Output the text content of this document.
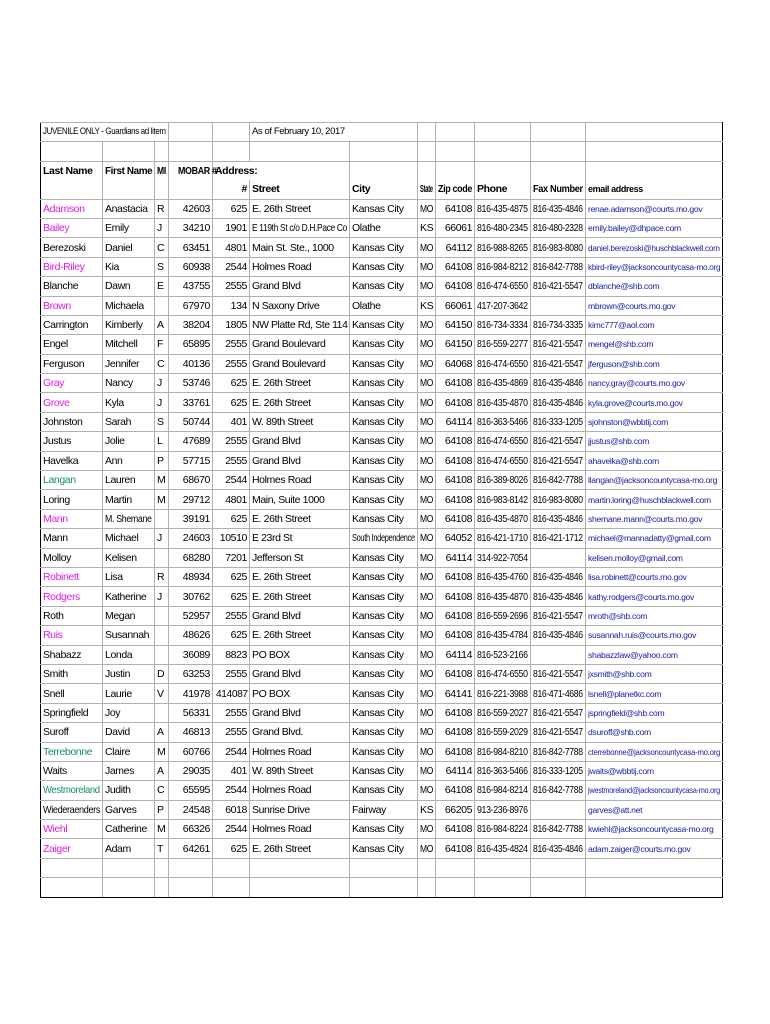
JUVENILE ONLY - Guardians ad litem					As of February 10, 2017						

Last Name	First Name	MI	MOBAR #	Address:							
				#	Street	City	State	Zip code	Phone	Fax Number	email address
Adamson	Anastacia	R	42603	625	E. 26th Street	Kansas City	MO	64108	816-435-4875	816-435-4846	renae.adamson@courts.mo.gov
Bailey	Emily	J	34210	1901	E 119th St c/o D.H.Pace Co	Olathe	KS	66061	816-480-2345	816-480-2328	emily.bailey@dhpace.com
Berezoski	Daniel	C	63451	4801	Main St. Ste., 1000	Kansas City	MO	64112	816-988-8265	816-983-8080	daniel.berezoski@huschblackwell.com
Bird-Riley	Kia	S	60938	2544	Holmes Road	Kansas City	MO	64108	816-984-8212	816-842-7788	kbird-riley@jacksoncountycasa-mo.org
Blanche	Dawn	E	43755	2555	Grand Blvd	Kansas City	MO	64108	816-474-6550	816-421-5547	dblanche@shb.com
Brown	Michaela		67970	134	N Saxony Drive	Olathe	KS	66061	417-207-3642		mbrown@courts.mo.gov
Carrington	Kimberly	A	38204	1805	NW Platte Rd, Ste 114	Kansas City	MO	64150	816-734-3334	816-734-3335	kimc777@aol.com
Engel	Mitchell	F	65895	2555	Grand Boulevard	Kansas City	MO	64150	816-559-2277	816-421-5547	mengel@shb.com
Ferguson	Jennifer	C	40136	2555	Grand Boulevard	Kansas City	MO	64068	816-474-6550	816-421-5547	jferguson@shb.com
Gray	Nancy	J	53746	625	E. 26th Street	Kansas City	MO	64108	816-435-4869	816-435-4846	nancy.gray@courts.mo.gov
Grove	Kyla	J	33761	625	E. 26th Street	Kansas City	MO	64108	816-435-4870	816-435-4846	kyla.grove@courts.mo.gov
Johnston	Sarah	S	50744	401	W. 89th Street	Kansas City	MO	64114	816-363-5466	816-333-1205	sjohnston@wbbtij.com
Justus	Jolie	L	47689	2555	Grand Blvd	Kansas City	MO	64108	816-474-6550	816-421-5547	jjustus@shb.com
Havelka	Ann	P	57715	2555	Grand Blvd	Kansas City	MO	64108	816-474-6550	816-421-5547	ahavelka@shb.com
Langan	Lauren	M	68670	2544	Holmes Road	Kansas City	MO	64108	816-389-8026	816-842-7788	llangan@jacksoncountycasa-mo.org
Loring	Martin	M	29712	4801	Main, Suite 1000	Kansas City	MO	64108	816-983-8142	816-983-8080	martin.loring@huschblackwell.com
Mann	M. Shemane		39191	625	E. 26th Street	Kansas City	MO	64108	816-435-4870	816-435-4846	shemane.mann@courts.mo.gov
Mann	Michael	J	24603	10510	E 23rd St	South Independence	MO	64052	816-421-1710	816-421-1712	michael@mannadatty@gmail.com
Molloy	Kelisen		68280	7201	Jefferson St	Kansas City	MO	64114	314-922-7054		kelisen.molloy@gmail.com
Robinett	Lisa	R	48934	625	E. 26th Street	Kansas City	MO	64108	816-435-4760	816-435-4846	lisa.robinett@courts.mo.gov
Rodgers	Katherine	J	30762	625	E. 26th Street	Kansas City	MO	64108	816-435-4870	816-435-4846	kathy.rodgers@courts.mo.gov
Roth	Megan		52957	2555	Grand Blvd	Kansas City	MO	64108	816-559-2696	816-421-5547	mroth@shb.com
Ruis	Susannah		48626	625	E. 26th Street	Kansas City	MO	64108	816-435-4784	816-435-4846	susannah.ruis@courts.mo.gov
Shabazz	Londa		36089	8823	PO BOX	Kansas City	MO	64114	816-523-2166		shabazzlaw@yahoo.com
Smith	Justin	D	63253	2555	Grand Blvd	Kansas City	MO	64108	816-474-6550	816-421-5547	jxsmith@shb.com
Snell	Laurie	V	41978	414087	PO BOX	Kansas City	MO	64141	816-221-3988	816-471-4686	lsnell@planetkc.com
Springfield	Joy		56331	2555	Grand Blvd	Kansas City	MO	64108	816-559-2027	816-421-5547	jspringfield@shb.com
Suroff	David	A	46813	2555	Grand Blvd.	Kansas City	MO	64108	816-559-2029	816-421-5547	dsuroff@shb.com
Terrebonne	Claire	M	60766	2544	Holmes Road	Kansas City	MO	64108	816-984-8210	816-842-7788	cterrebonne@jacksoncountycasa-mo.org
Waits	James	A	29035	401	W. 89th Street	Kansas City	MO	64114	816-363-5466	816-333-1205	jwaits@wbbtij.com
Westmoreland	Judith	C	65595	2544	Holmes Road	Kansas City	MO	64108	816-984-8214	816-842-7788	jwestmoreland@jacksoncountycasa-mo.org
Wiederaenders	Garves	P	24548	6018	Sunrise Drive	Fairway	KS	66205	913-236-8976		garves@att.net
Wiehl	Catherine	M	66326	2544	Holmes Road	Kansas City	MO	64108	816-984-8224	816-842-7788	kwiehl@jacksoncountycasa-mo.org
Zaiger	Adam	T	64261	625	E. 26th Street	Kansas City	MO	64108	816-435-4824	816-435-4846	adam.zaiger@courts.mo.gov
